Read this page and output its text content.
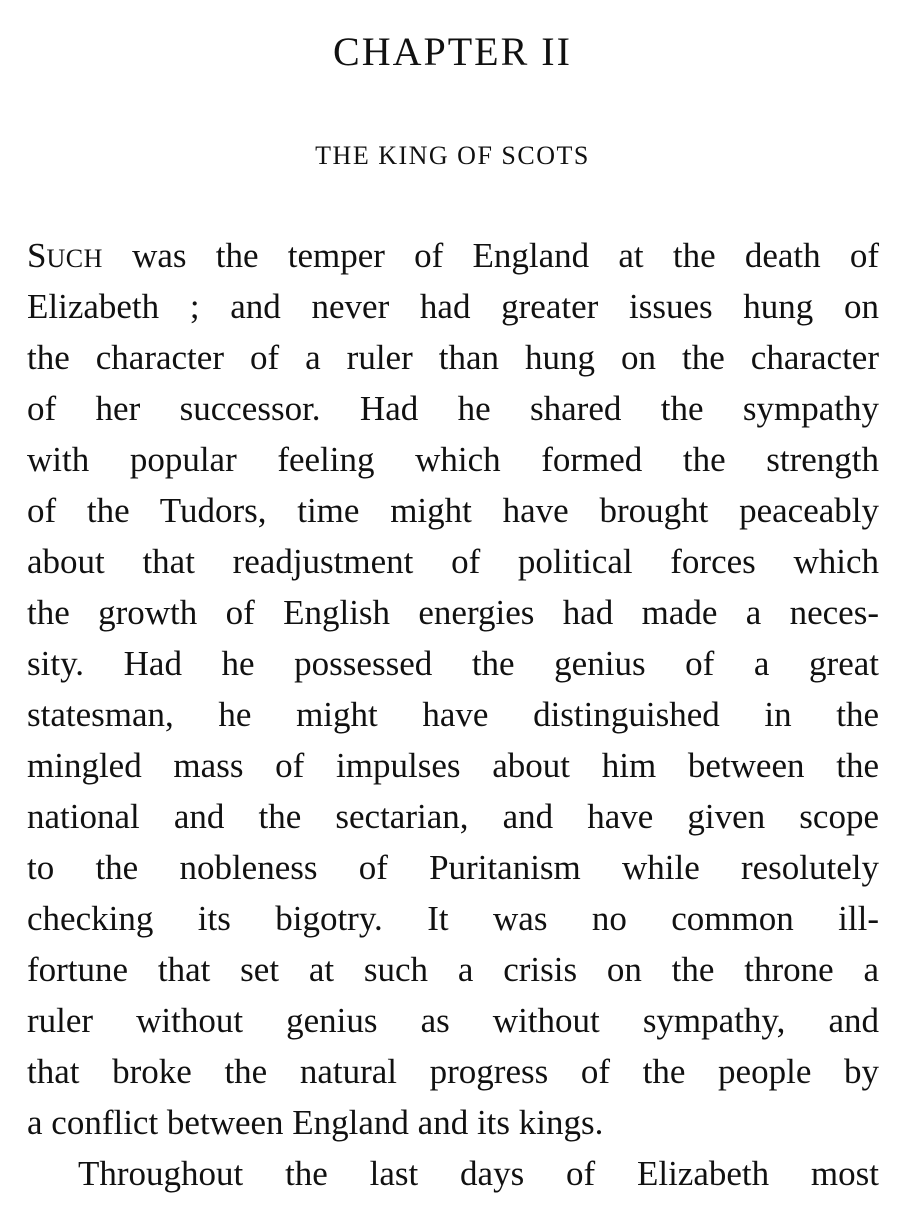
CHAPTER II
THE KING OF SCOTS
SUCH was the temper of England at the death of
Elizabeth ; and never had greater issues hung on
the character of a ruler than hung on the character
of her successor. Had he shared the sympathy
with popular feeling which formed the strength
of the Tudors, time might have brought peaceably
about that readjustment of political forces which
the growth of English energies had made a neces-
sity. Had he possessed the genius of a great
statesman, he might have distinguished in the
mingled mass of impulses about him between the
national and the sectarian, and have given scope
to the nobleness of Puritanism while resolutely
checking its bigotry. It was no common ill-
fortune that set at such a crisis on the throne a
ruler without genius as without sympathy, and
that broke the natural progress of the people by
a conflict between England and its kings.
Throughout the last days of Elizabeth most
